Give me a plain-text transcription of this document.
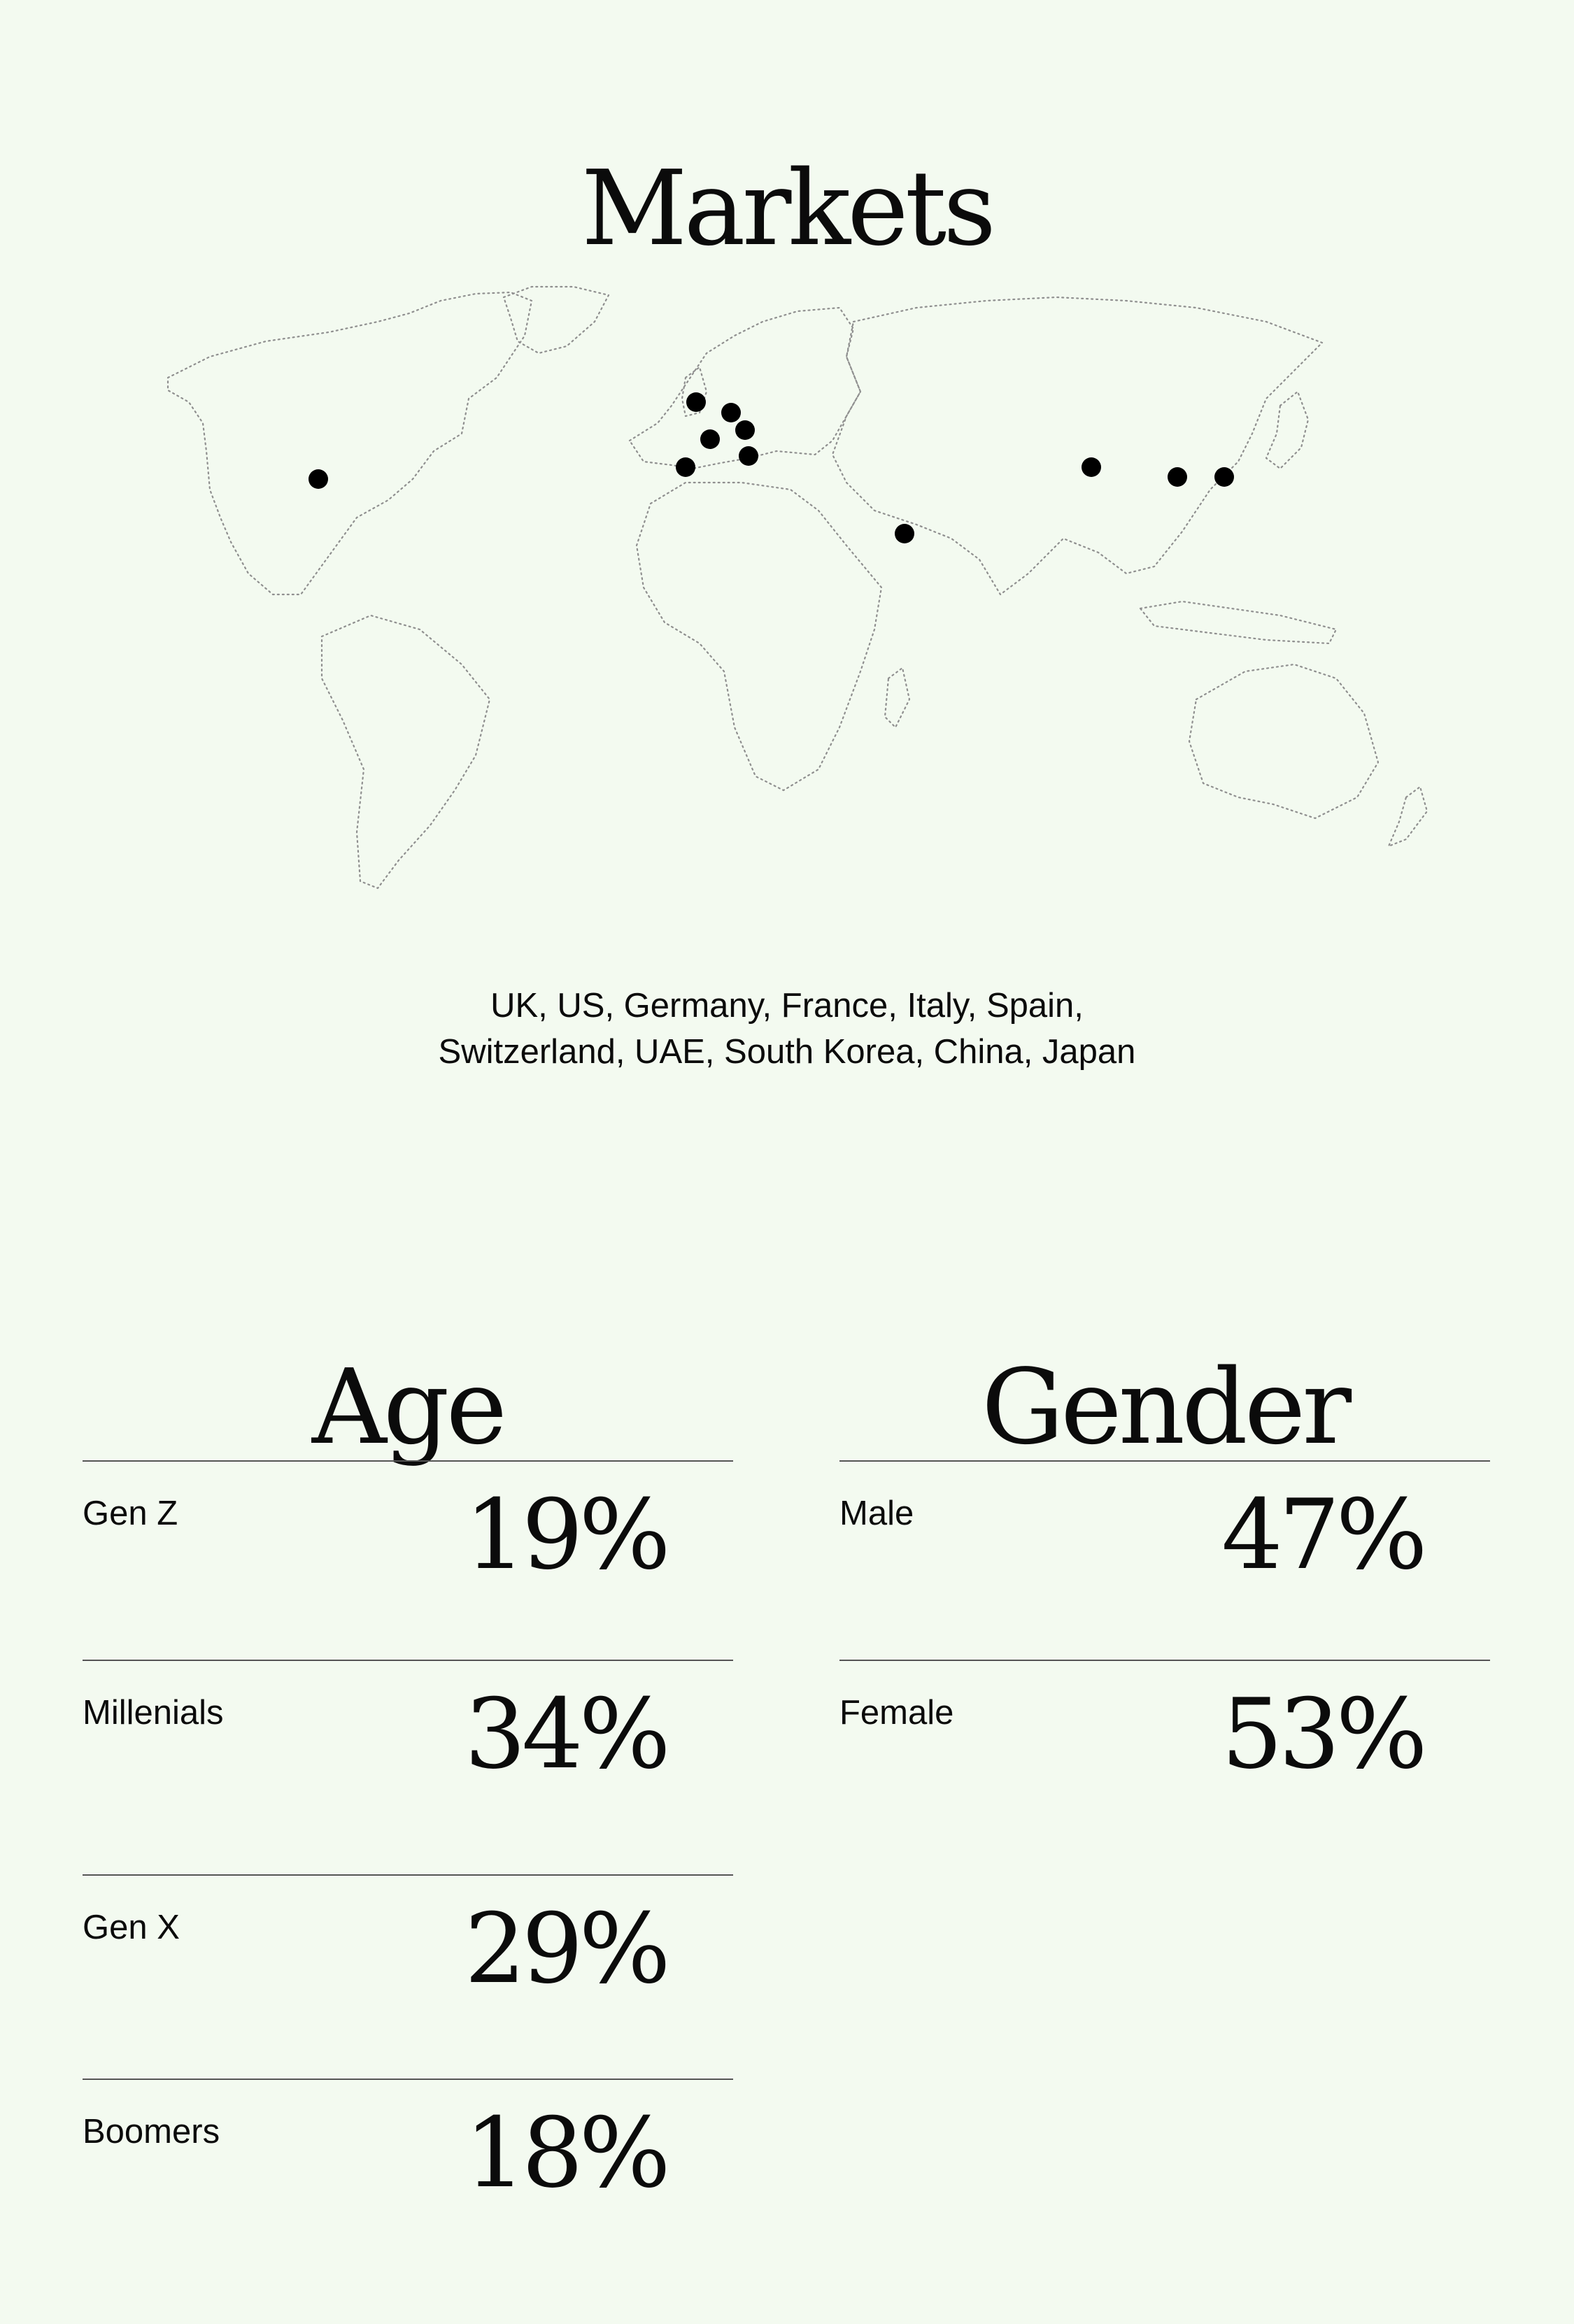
Markets
UK, US, Germany, France, Italy, Spain,
Switzerland, UAE, South Korea, China, Japan
Age	Gender
Gen Z	19%
Millenials 34%
Gen X	29%
Boomers	18%
Male	47%
Female	53%
